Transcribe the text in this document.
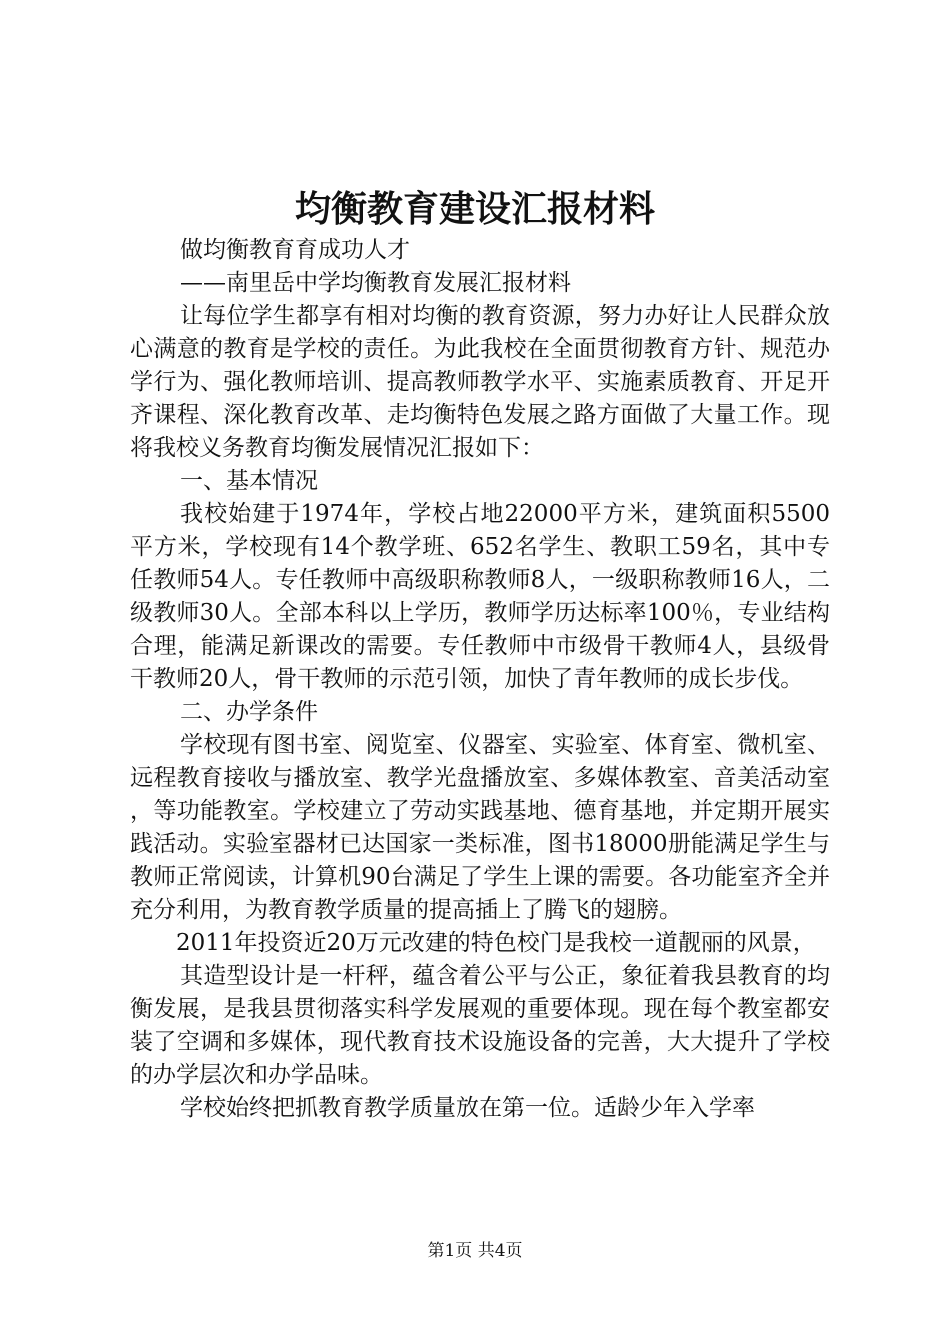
均衡教育建设汇报材料

做均衡教育育成功人才

——南里岳中学均衡教育发展汇报材料

让每位学生都享有相对均衡的教育资源，努力办好让人民群众放心满意的教育是学校的责任。为此我校在全面贯彻教育方针、规范办学行为、强化教师培训、提高教师教学水平、实施素质教育、开足开齐课程、深化教育改革、走均衡特色发展之路方面做了大量工作。现将我校义务教育均衡发展情况汇报如下：

一、基本情况

我校始建于1974年，学校占地22000平方米，建筑面积5500平方米，学校现有14个教学班、652名学生、教职工59名，其中专任教师54人。专任教师中高级职称教师8人，一级职称教师16人，二级教师30人。全部本科以上学历，教师学历达标率100％，专业结构合理，能满足新课改的需要。专任教师中市级骨干教师4人，县级骨干教师20人，骨干教师的示范引领，加快了青年教师的成长步伐。

二、办学条件

学校现有图书室、阅览室、仪器室、实验室、体育室、微机室、远程教育接收与播放室、教学光盘播放室、多媒体教室、音美活动室，等功能教室。学校建立了劳动实践基地、德育基地，并定期开展实践活动。实验室器材已达国家一类标准，图书18000册能满足学生与教师正常阅读，计算机90台满足了学生上课的需要。各功能室齐全并充分利用，为教育教学质量的提高插上了腾飞的翅膀。

2011年投资近20万元改建的特色校门是我校一道靓丽的风景，

其造型设计是一杆秤，蕴含着公平与公正，象征着我县教育的均衡发展，是我县贯彻落实科学发展观的重要体现。现在每个教室都安装了空调和多媒体，现代教育技术设施设备的完善，大大提升了学校的办学层次和办学品味。

学校始终把抓教育教学质量放在第一位。适龄少年入学率

第1页 共4页
